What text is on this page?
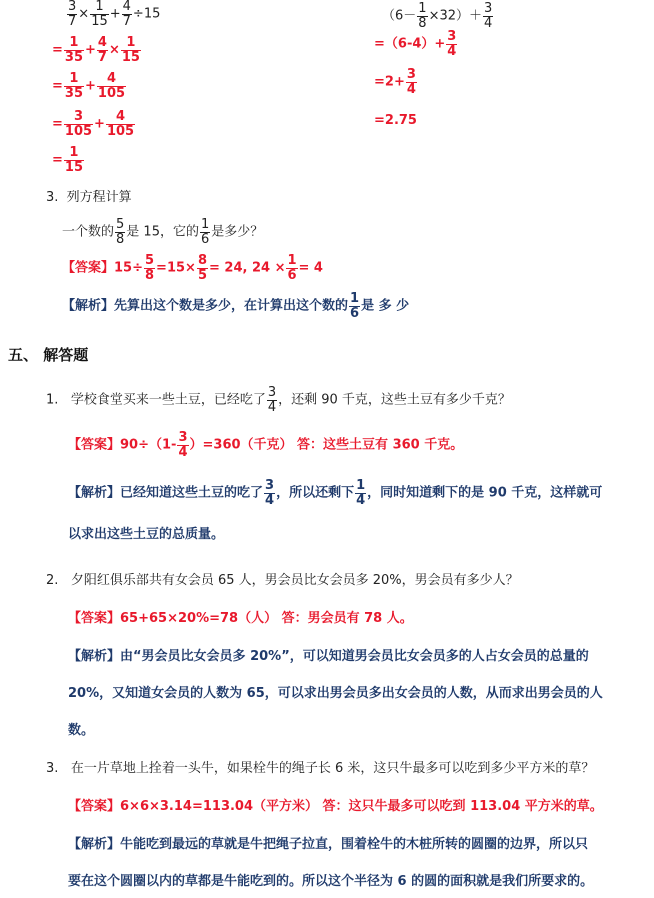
$\frac{3}{7} \times \frac{1}{15} + \frac{4}{7} \div 15$
= $\frac{1}{35} + \frac{4}{7} \times \frac{1}{15}$
= $\frac{1}{35} + \frac{4}{105}$
= $\frac{3}{105} + \frac{4}{105}$
= $\frac{1}{15}$
$(6- \frac{1}{8} \times 32)+ \frac{3}{4}$
$=(6-4)+ \frac{3}{4}$
$=2+ \frac{3}{4}$
=2.75
3. 列方程计算
一个数的 $\frac{5}{8}$ 是 15，它的 $\frac{1}{6}$ 是多少？
【答案】$15\div \frac{5}{8} =15\times \frac{8}{5} = 24$, $24 \times \frac{1}{6} = 4$
【解析】先算出这个数是多少，在计算出这个数的 $\frac{1}{6}$ 是 多 少
五、 解答题
1. 学校食堂买来一些土豆，已经吃了 $\frac{3}{4}$ ，还剩 90 千克，这些土豆有多少千克？
【答案】$90\div(1- \frac{3}{4} )=360$（千克） 答：这些土豆有 360 千克。
【解析】已经知道这些土豆的吃了 $\frac{3}{4}$ ，所以还剩下 $\frac{1}{4}$ ，同时知道剩下的是 90 千克，这样就可
以求出这些土豆的总质量。
2. 夕阳红俱乐部共有女会员 65 人，男会员比女会员多 20%，男会员有多少人？
【答案】65+65×20%=78（人） 答：男会员有 78 人。
【解析】由“男会员比女会员多 20%”，可以知道男会员比女会员多的人占女会员的总量的
20%，又知道女会员的人数为 65，可以求出男会员多出女会员的人数，从而求出男会员的人
数。
3. 在一片草地上拴着一头牛，如果栓牛的绳子长 6 米，这只牛最多可以吃到多少平方米的草？
【答案】6×6×3.14=113.04（平方米） 答：这只牛最多可以吃到 113.04 平方米的草。
【解析】牛能吃到最远的草就是牛把绳子拉直，围着栓牛的木桩所转的圆圈的边界，所以只
要在这个圆圈以内的草都是牛能吃到的。所以这个半径为 6 的圆的面积就是我们所要求的。
